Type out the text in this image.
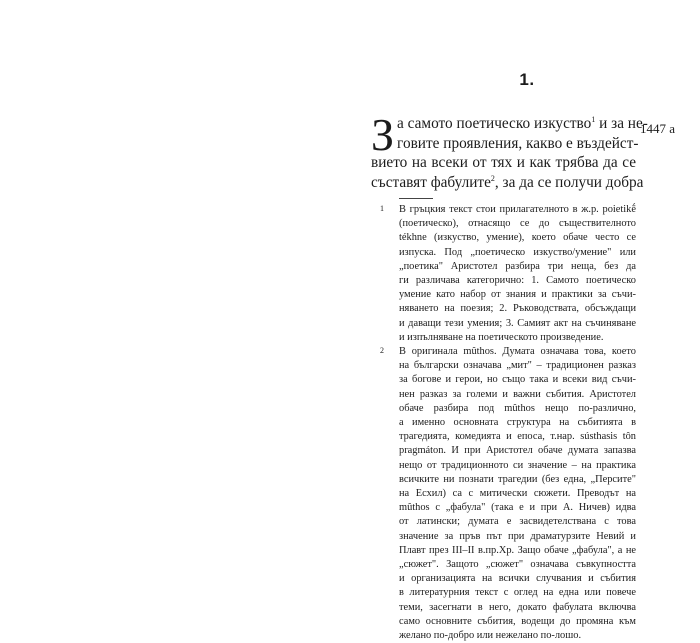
1.
1447 a
З а самото поетическо изкуство$^1$ и за не-
говите проявления, какво е въздейст-
вието на всеки от тях и как трябва да се
съставят фабулите$^2$, за да се получи добра
1 В гръцкия текст стои прилагателното в ж.р. poietikḗ
(поетическо), отнасящо се до съществителното
tékhne (изкуство, умение), което обаче често се
изпуска. Под „поетическо изкуство/умение" или
„поетика" Аристотел разбира три неща, без да
ги различава категорично: 1. Самото поетическо
умение като набор от знания и практики за съчи-
няването на поезия; 2. Ръководствата, обсъждащи
и даващи тези умения; 3. Самият акт на съчиняване
и изпълняване на поетическото произведение.
2 В оригинала mûthos. Думата означава това, което
на български означава „мит" – традиционен разказ
за богове и герои, но също така и всеки вид съчи-
нен разказ за големи и важни събития. Аристотел
обаче разбира под mûthos нещо по-различно,
а именно основната структура на събитията в
трагедията, комедията и епоса, т.нар. sústhasis tôn
pragmáton. И при Аристотел обаче думата запазва
нещо от традиционното си значение – на практика
всичките ни познати трагедии (без една, „Персите"
на Есхил) са с митически сюжети. Преводът на
mûthos с „фабула" (така е и при А. Ничев) идва
от латински; думата е засвидетелствана с това
значение за пръв път при драматурзите Невий и
Плавт през III–II в.пр.Хр. Защо обаче „фабула", а не
„сюжет". Защото „сюжет" означава съвкупността
и организацията на всички случвания и събития
в литературния текст с оглед на една или повече
теми, засегнати в него, докато фабулата включва
само основните събития, водещи до промяна към
желано по-добро или нежелано по-лошо.
